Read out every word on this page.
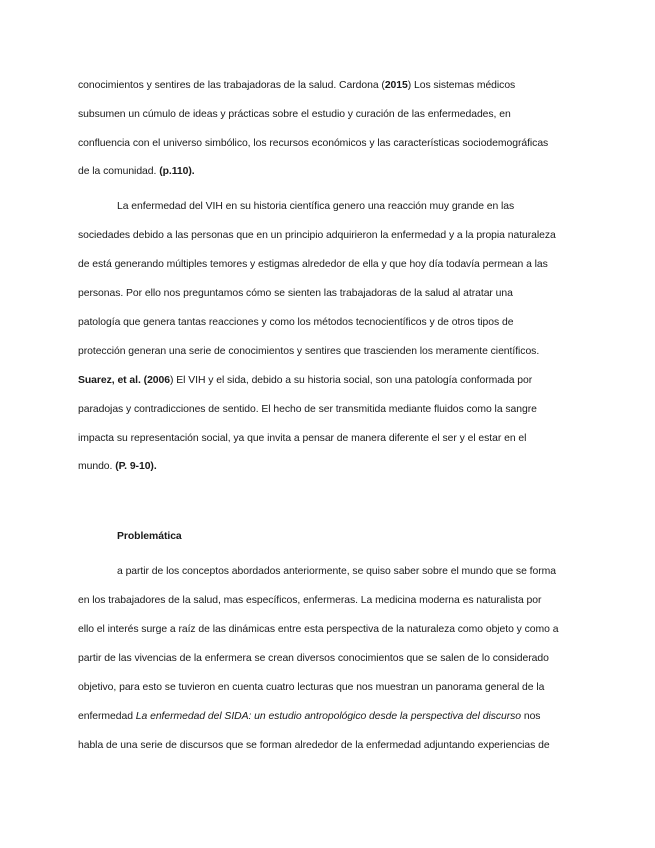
conocimientos y sentires de las trabajadoras de la salud. Cardona (2015) Los sistemas médicos
subsumen un cúmulo de ideas y prácticas sobre el estudio y curación de las enfermedades, en
confluencia con el universo simbólico, los recursos económicos y las características sociodemográficas
de la comunidad. (p.110).
La enfermedad del VIH en su historia científica genero una reacción muy grande en las
sociedades debido a las personas que en un principio adquirieron la enfermedad y a la propia naturaleza
de está generando múltiples temores y estigmas alrededor de ella y que hoy día todavía permean a las
personas. Por ello nos preguntamos cómo se sienten las trabajadoras de la salud al atratar una
patología que genera tantas reacciones y como los métodos tecnocientíficos y de otros tipos de
protección generan una serie de conocimientos y sentires que trascienden los meramente científicos.
Suarez, et al. (2006) El VIH y el sida, debido a su historia social, son una patología conformada por
paradojas y contradicciones de sentido. El hecho de ser transmitida mediante fluidos como la sangre
impacta su representación social, ya que invita a pensar de manera diferente el ser y el estar en el
mundo. (P. 9-10).
Problemática
a partir de los conceptos abordados anteriormente, se quiso saber sobre el mundo que se forma
en los trabajadores de la salud, mas específicos, enfermeras. La medicina moderna es naturalista por
ello el interés surge a raíz de las dinámicas entre esta perspectiva de la naturaleza como objeto y como a
partir de las vivencias de la enfermera se crean diversos conocimientos que se salen de lo considerado
objetivo, para esto se tuvieron en cuenta cuatro lecturas que nos muestran un panorama general de la
enfermedad La enfermedad del SIDA: un estudio antropológico desde la perspectiva del discurso nos
habla de una serie de discursos que se forman alrededor de la enfermedad adjuntando experiencias de
